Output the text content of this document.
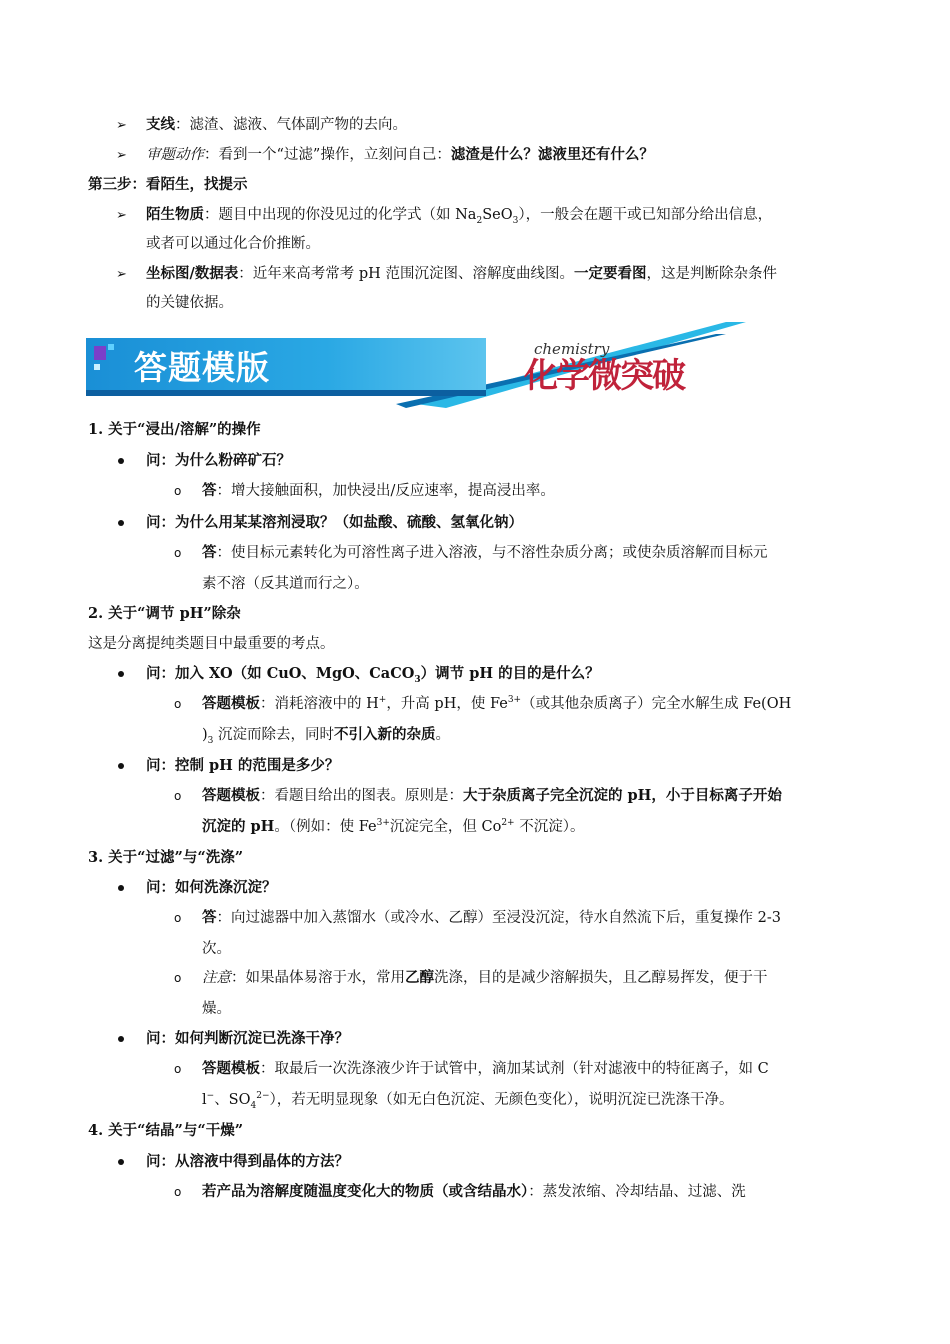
➢ 支线：滤渣、滤液、气体副产物的去向。
➢ 审题动作：看到一个“过滤”操作，立刻问自己：滤渣是什么？滤液里还有什么？
第三步：看陌生，找提示
➢ 陌生物质：题目中出现的你没见过的化学式（如 $Na_2SeO_3$），一般会在题干或已知部分给出信息，
或者可以通过化合价推断。
➢ 坐标图/数据表：近年来高考常考 pH 范围沉淀图、溶解度曲线图。一定要看图，这是判断除杂条件
的关键依据。
答题模版	chemistry
化学微突破
1. 关于“浸出/溶解”的操作
问：为什么粉碎矿石？
o 答：增大接触面积，加快浸出/反应速率，提高浸出率。
问：为什么用某某溶剂浸取？（如盐酸、硫酸、氢氧化钠）
o 答：使目标元素转化为可溶性离子进入溶液，与不溶性杂质分离；或使杂质溶解而目标元
素不溶（反其道而行之）。
2. 关于“调节 pH”除杂
这是分离提纯类题目中最重要的考点。
问：加入 XO（如 CuO、MgO、CaCO$_3$）调节 pH 的目的是什么？
o 答题模板：消耗溶液中的 H+，升高 pH，使 $Fe^{3+}$（或其他杂质离子）完全水解生成 Fe(OH
)$_3$ 沉淀而除去，同时不引入新的杂质。
问：控制 pH 的范围是多少？
o 答题模板：看题目给出的图表。原则是：大于杂质离子完全沉淀的 pH，小于目标离子开始
沉淀的 pH。（例如：使 $Fe^{3+}$沉淀完全，但 $Co^{2+}$ 不沉淀）。
3. 关于“过滤”与“洗涤”
问：如何洗涤沉淀？
o 答：向过滤器中加入蒸馏水（或冷水、乙醇）至浸没沉淀，待水自然流下后，重复操作 2-3
次。
o 注意：如果晶体易溶于水，常用乙醇洗涤，目的是减少溶解损失，且乙醇易挥发，便于干
燥。
问：如何判断沉淀已洗涤干净？
o 答题模板：取最后一次洗涤液少许于试管中，滴加某试剂（针对滤液中的特征离子，如 C
l−、$SO_4^{2-}$），若无明显现象（如无白色沉淀、无颜色变化），说明沉淀已洗涤干净。
4. 关于“结晶”与“干燥”
问：从溶液中得到晶体的方法？
o 若产品为溶解度随温度变化大的物质（或含结晶水）：蒸发浓缩、冷却结晶、过滤、洗
